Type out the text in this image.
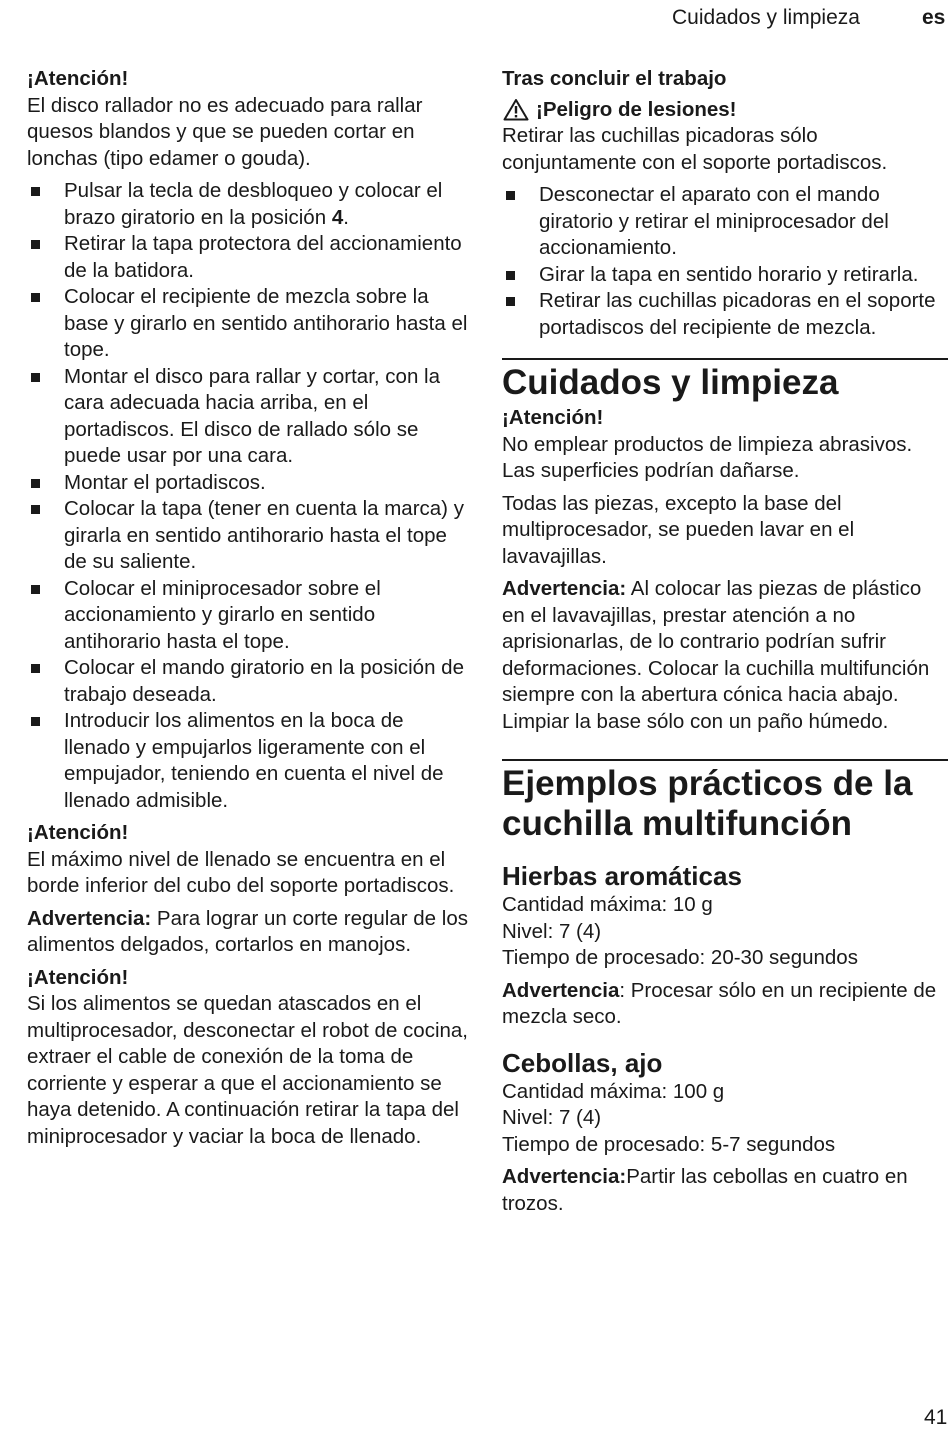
Cuidados y limpieza	es

¡Atención!
El disco rallador no es adecuado para rallar quesos blandos y que se pueden cortar en lonchas (tipo edamer o gouda).

Pulsar la tecla de desbloqueo y colocar el brazo giratorio en la posición 4.
Retirar la tapa protectora del accionamiento de la batidora.
Colocar el recipiente de mezcla sobre la base y girarlo en sentido antihorario hasta el tope.
Montar el disco para rallar y cortar, con la cara adecuada hacia arriba, en el portadiscos. El disco de rallado sólo se puede usar por una cara.
Montar el portadiscos.
Colocar la tapa (tener en cuenta la marca) y girarla en sentido antihorario hasta el tope de su saliente.
Colocar el miniprocesador sobre el accionamiento y girarlo en sentido antihorario hasta el tope.
Colocar el mando giratorio en la posición de trabajo deseada.
Introducir los alimentos en la boca de llenado y empujarlos ligeramente con el empujador, teniendo en cuenta el nivel de llenado admisible.

¡Atención!
El máximo nivel de llenado se encuentra en el borde inferior del cubo del soporte portadiscos.

Advertencia: Para lograr un corte regular de los alimentos delgados, cortarlos en manojos.

¡Atención!
Si los alimentos se quedan atascados en el multiprocesador, desconectar el robot de cocina, extraer el cable de conexión de la toma de corriente y esperar a que el accionamiento se haya detenido. A continuación retirar la tapa del miniprocesador y vaciar la boca de llenado.

Tras concluir el trabajo
¡Peligro de lesiones!

Retirar las cuchillas picadoras sólo conjuntamente con el soporte portadiscos.

Desconectar el aparato con el mando giratorio y retirar el miniprocesador del accionamiento.
Girar la tapa en sentido horario y retirarla.
Retirar las cuchillas picadoras en el soporte portadiscos del recipiente de mezcla.
Cuidados y limpieza

¡Atención!
No emplear productos de limpieza abrasivos. Las superficies podrían dañarse.

Todas las piezas, excepto la base del multiprocesador, se pueden lavar en el lavavajillas.

Advertencia: Al colocar las piezas de plástico en el lavavajillas, prestar atención a no aprisionarlas, de lo contrario podrían sufrir deformaciones. Colocar la cuchilla multifunción siempre con la abertura cónica hacia abajo. Limpiar la base sólo con un paño húmedo.

Ejemplos prácticos de la cuchilla multifunción
Hierbas aromáticas
Cantidad máxima: 10 g
Nivel: 7 (4)
Tiempo de procesado: 20-30 segundos

Advertencia: Procesar sólo en un recipiente de mezcla seco.

Cebollas, ajo
Cantidad máxima: 100 g
Nivel: 7 (4)
Tiempo de procesado: 5-7 segundos

Advertencia:Partir las cebollas en cuatro en trozos.

41
